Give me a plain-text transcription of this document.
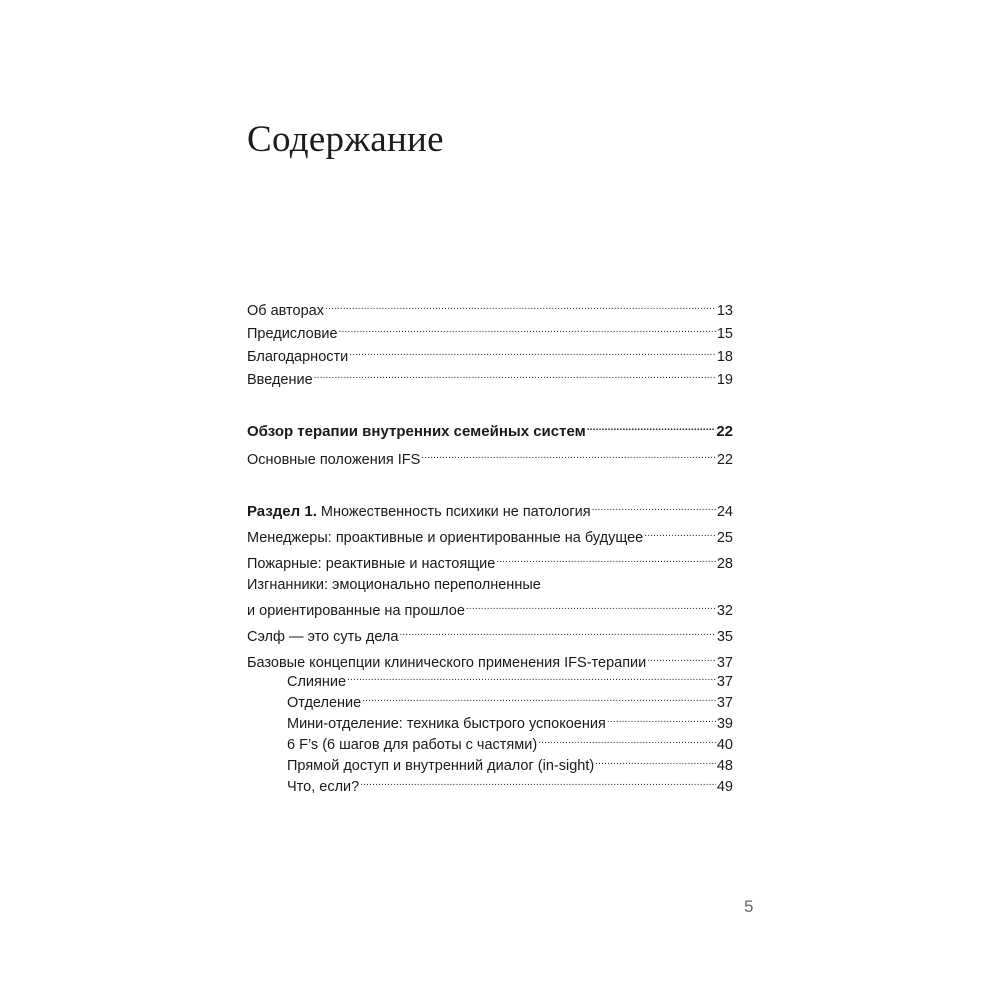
Содержание
Об авторах .....	13
Предисловие .....	15
Благодарности .....	18
Введение .....	19
Обзор терапии внутренних семейных систем .....	22
Основные положения IFS .....	22
Раздел 1. Множественность психики не патология .....	24
Менеджеры: проактивные и ориентированные на будущее .....	25
Пожарные: реактивные и настоящие .....	28
Изгнанники: эмоционально переполненные
и ориентированные на прошлое .....	32
Сэлф — это суть дела .....	35
Базовые концепции клинического применения IFS-терапии .....	37
Слияние .....	37
Отделение .....	37
Мини-отделение: техника быстрого успокоения .....	39
6 F’s (6 шагов для работы с частями) .....	40
Прямой доступ и внутренний диалог (in-sight) .....	48
Что, если? .....	49
5
